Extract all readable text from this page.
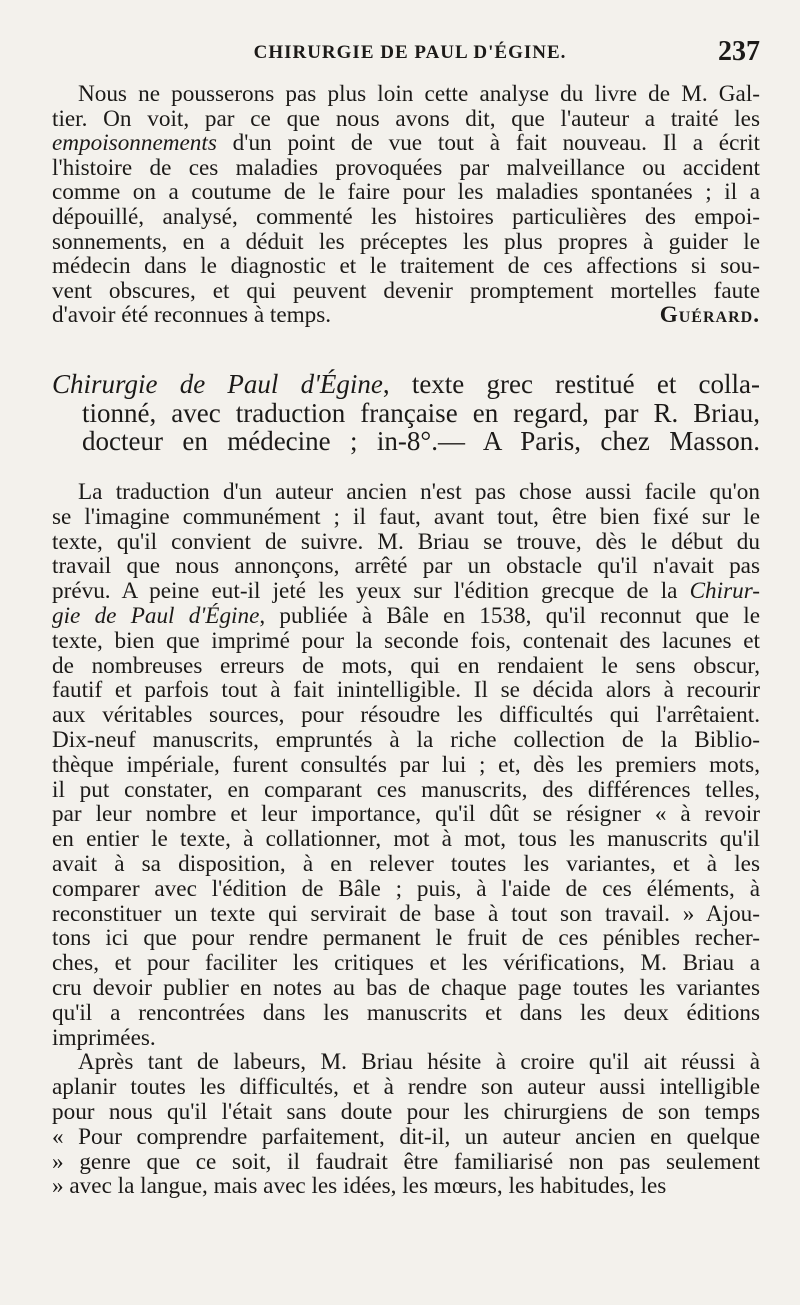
CHIRURGIE DE PAUL D'ÉGINE.	237
Nous ne pousserons pas plus loin cette analyse du livre de M. Gal-
tier. On voit, par ce que nous avons dit, que l'auteur a traité les
empoisonnements d'un point de vue tout à fait nouveau. Il a écrit
l'histoire de ces maladies provoquées par malveillance ou accident
comme on a coutume de le faire pour les maladies spontanées ; il a
dépouillé, analysé, commenté les histoires particulières des empoi-
sonnements, en a déduit les préceptes les plus propres à guider le
médecin dans le diagnostic et le traitement de ces affections si sou-
vent obscures, et qui peuvent devenir promptement mortelles faute
d'avoir été reconnues à temps.	Guérard.
Chirurgie de Paul d'Égine, texte grec restitué et colla-
tionné, avec traduction française en regard, par R. Briau,
docteur en médecine ; in-8°.— A Paris, chez Masson.
La traduction d'un auteur ancien n'est pas chose aussi facile qu'on
se l'imagine communément ; il faut, avant tout, être bien fixé sur le
texte, qu'il convient de suivre. M. Briau se trouve, dès le début du
travail que nous annonçons, arrêté par un obstacle qu'il n'avait pas
prévu. A peine eut-il jeté les yeux sur l'édition grecque de la Chirur-
gie de Paul d'Égine, publiée à Bâle en 1538, qu'il reconnut que le
texte, bien que imprimé pour la seconde fois, contenait des lacunes et
de nombreuses erreurs de mots, qui en rendaient le sens obscur,
fautif et parfois tout à fait inintelligible. Il se décida alors à recourir
aux véritables sources, pour résoudre les difficultés qui l'arrêtaient.
Dix-neuf manuscrits, empruntés à la riche collection de la Biblio-
thèque impériale, furent consultés par lui ; et, dès les premiers mots,
il put constater, en comparant ces manuscrits, des différences telles,
par leur nombre et leur importance, qu'il dût se résigner « à revoir
en entier le texte, à collationner, mot à mot, tous les manuscrits qu'il
avait à sa disposition, à en relever toutes les variantes, et à les
comparer avec l'édition de Bâle ; puis, à l'aide de ces éléments, à
reconstituer un texte qui servirait de base à tout son travail. » Ajou-
tons ici que pour rendre permanent le fruit de ces pénibles recher-
ches, et pour faciliter les critiques et les vérifications, M. Briau a
cru devoir publier en notes au bas de chaque page toutes les variantes
qu'il a rencontrées dans les manuscrits et dans les deux éditions
imprimées.
Après tant de labeurs, M. Briau hésite à croire qu'il ait réussi à
aplanir toutes les difficultés, et à rendre son auteur aussi intelligible
pour nous qu'il l'était sans doute pour les chirurgiens de son temps
« Pour comprendre parfaitement, dit-il, un auteur ancien en quelque
» genre que ce soit, il faudrait être familiarisé non pas seulement
» avec la langue, mais avec les idées, les mœurs, les habitudes, les
